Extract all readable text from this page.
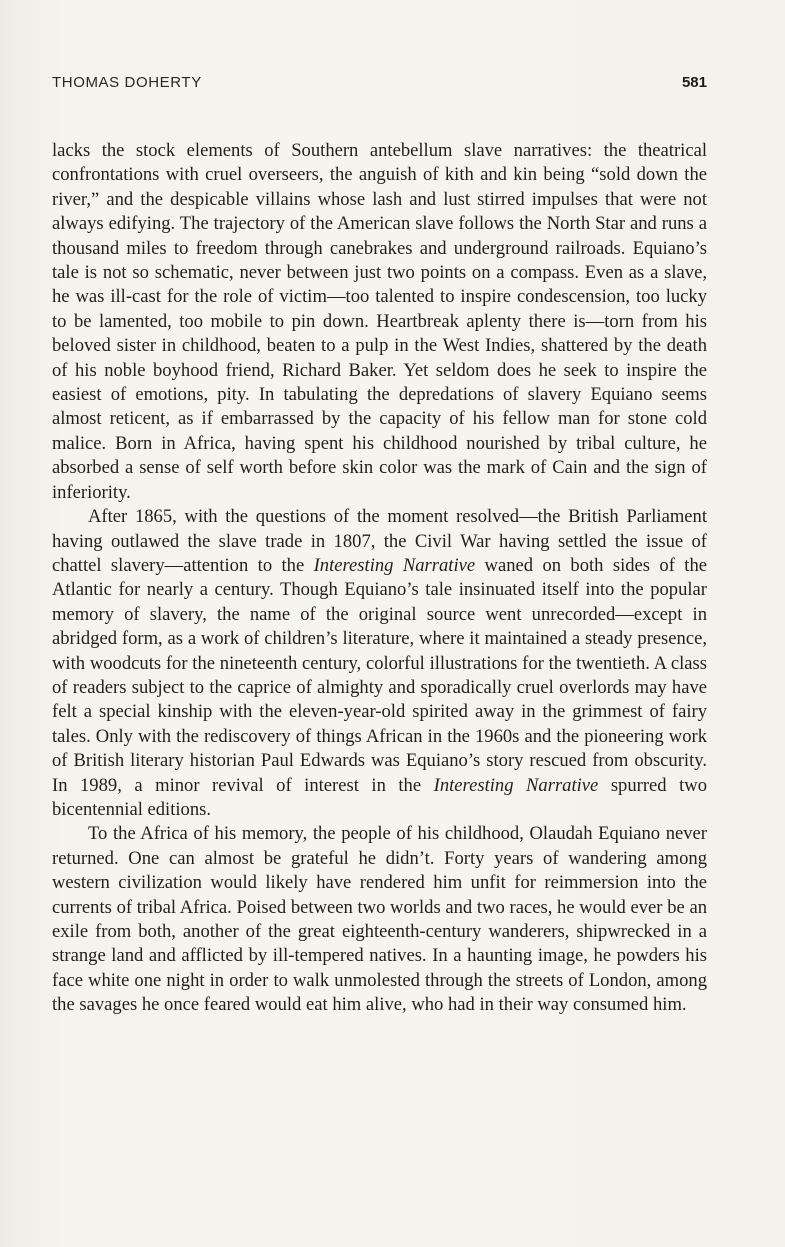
THOMAS DOHERTY	581

lacks the stock elements of Southern antebellum slave narratives: the theatrical confrontations with cruel overseers, the anguish of kith and kin being “sold down the river,” and the despicable villains whose lash and lust stirred impulses that were not always edifying. The trajectory of the American slave follows the North Star and runs a thousand miles to freedom through canebrakes and underground railroads. Equiano’s tale is not so schematic, never between just two points on a compass. Even as a slave, he was ill-cast for the role of victim—too talented to inspire condescension, too lucky to be lamented, too mobile to pin down. Heartbreak aplenty there is—torn from his beloved sister in childhood, beaten to a pulp in the West Indies, shattered by the death of his noble boyhood friend, Richard Baker. Yet seldom does he seek to inspire the easiest of emotions, pity. In tabulating the depredations of slavery Equiano seems almost reticent, as if embarrassed by the capacity of his fellow man for stone cold malice. Born in Africa, having spent his childhood nourished by tribal culture, he absorbed a sense of self worth before skin color was the mark of Cain and the sign of inferiority.

After 1865, with the questions of the moment resolved—the British Parliament having outlawed the slave trade in 1807, the Civil War having settled the issue of chattel slavery—attention to the Interesting Narrative waned on both sides of the Atlantic for nearly a century. Though Equiano’s tale insinuated itself into the popular memory of slavery, the name of the original source went unrecorded—except in abridged form, as a work of children’s literature, where it maintained a steady presence, with woodcuts for the nineteenth century, colorful illustrations for the twentieth. A class of readers subject to the caprice of almighty and sporadically cruel overlords may have felt a special kinship with the eleven-year-old spirited away in the grimmest of fairy tales. Only with the rediscovery of things African in the 1960s and the pioneering work of British literary historian Paul Edwards was Equiano’s story rescued from obscurity. In 1989, a minor revival of interest in the Interesting Narrative spurred two bicentennial editions.

To the Africa of his memory, the people of his childhood, Olaudah Equiano never returned. One can almost be grateful he didn’t. Forty years of wandering among western civilization would likely have rendered him unfit for reimmersion into the currents of tribal Africa. Poised between two worlds and two races, he would ever be an exile from both, another of the great eighteenth-century wanderers, shipwrecked in a strange land and afflicted by ill-tempered natives. In a haunting image, he powders his face white one night in order to walk unmolested through the streets of London, among the savages he once feared would eat him alive, who had in their way consumed him.
